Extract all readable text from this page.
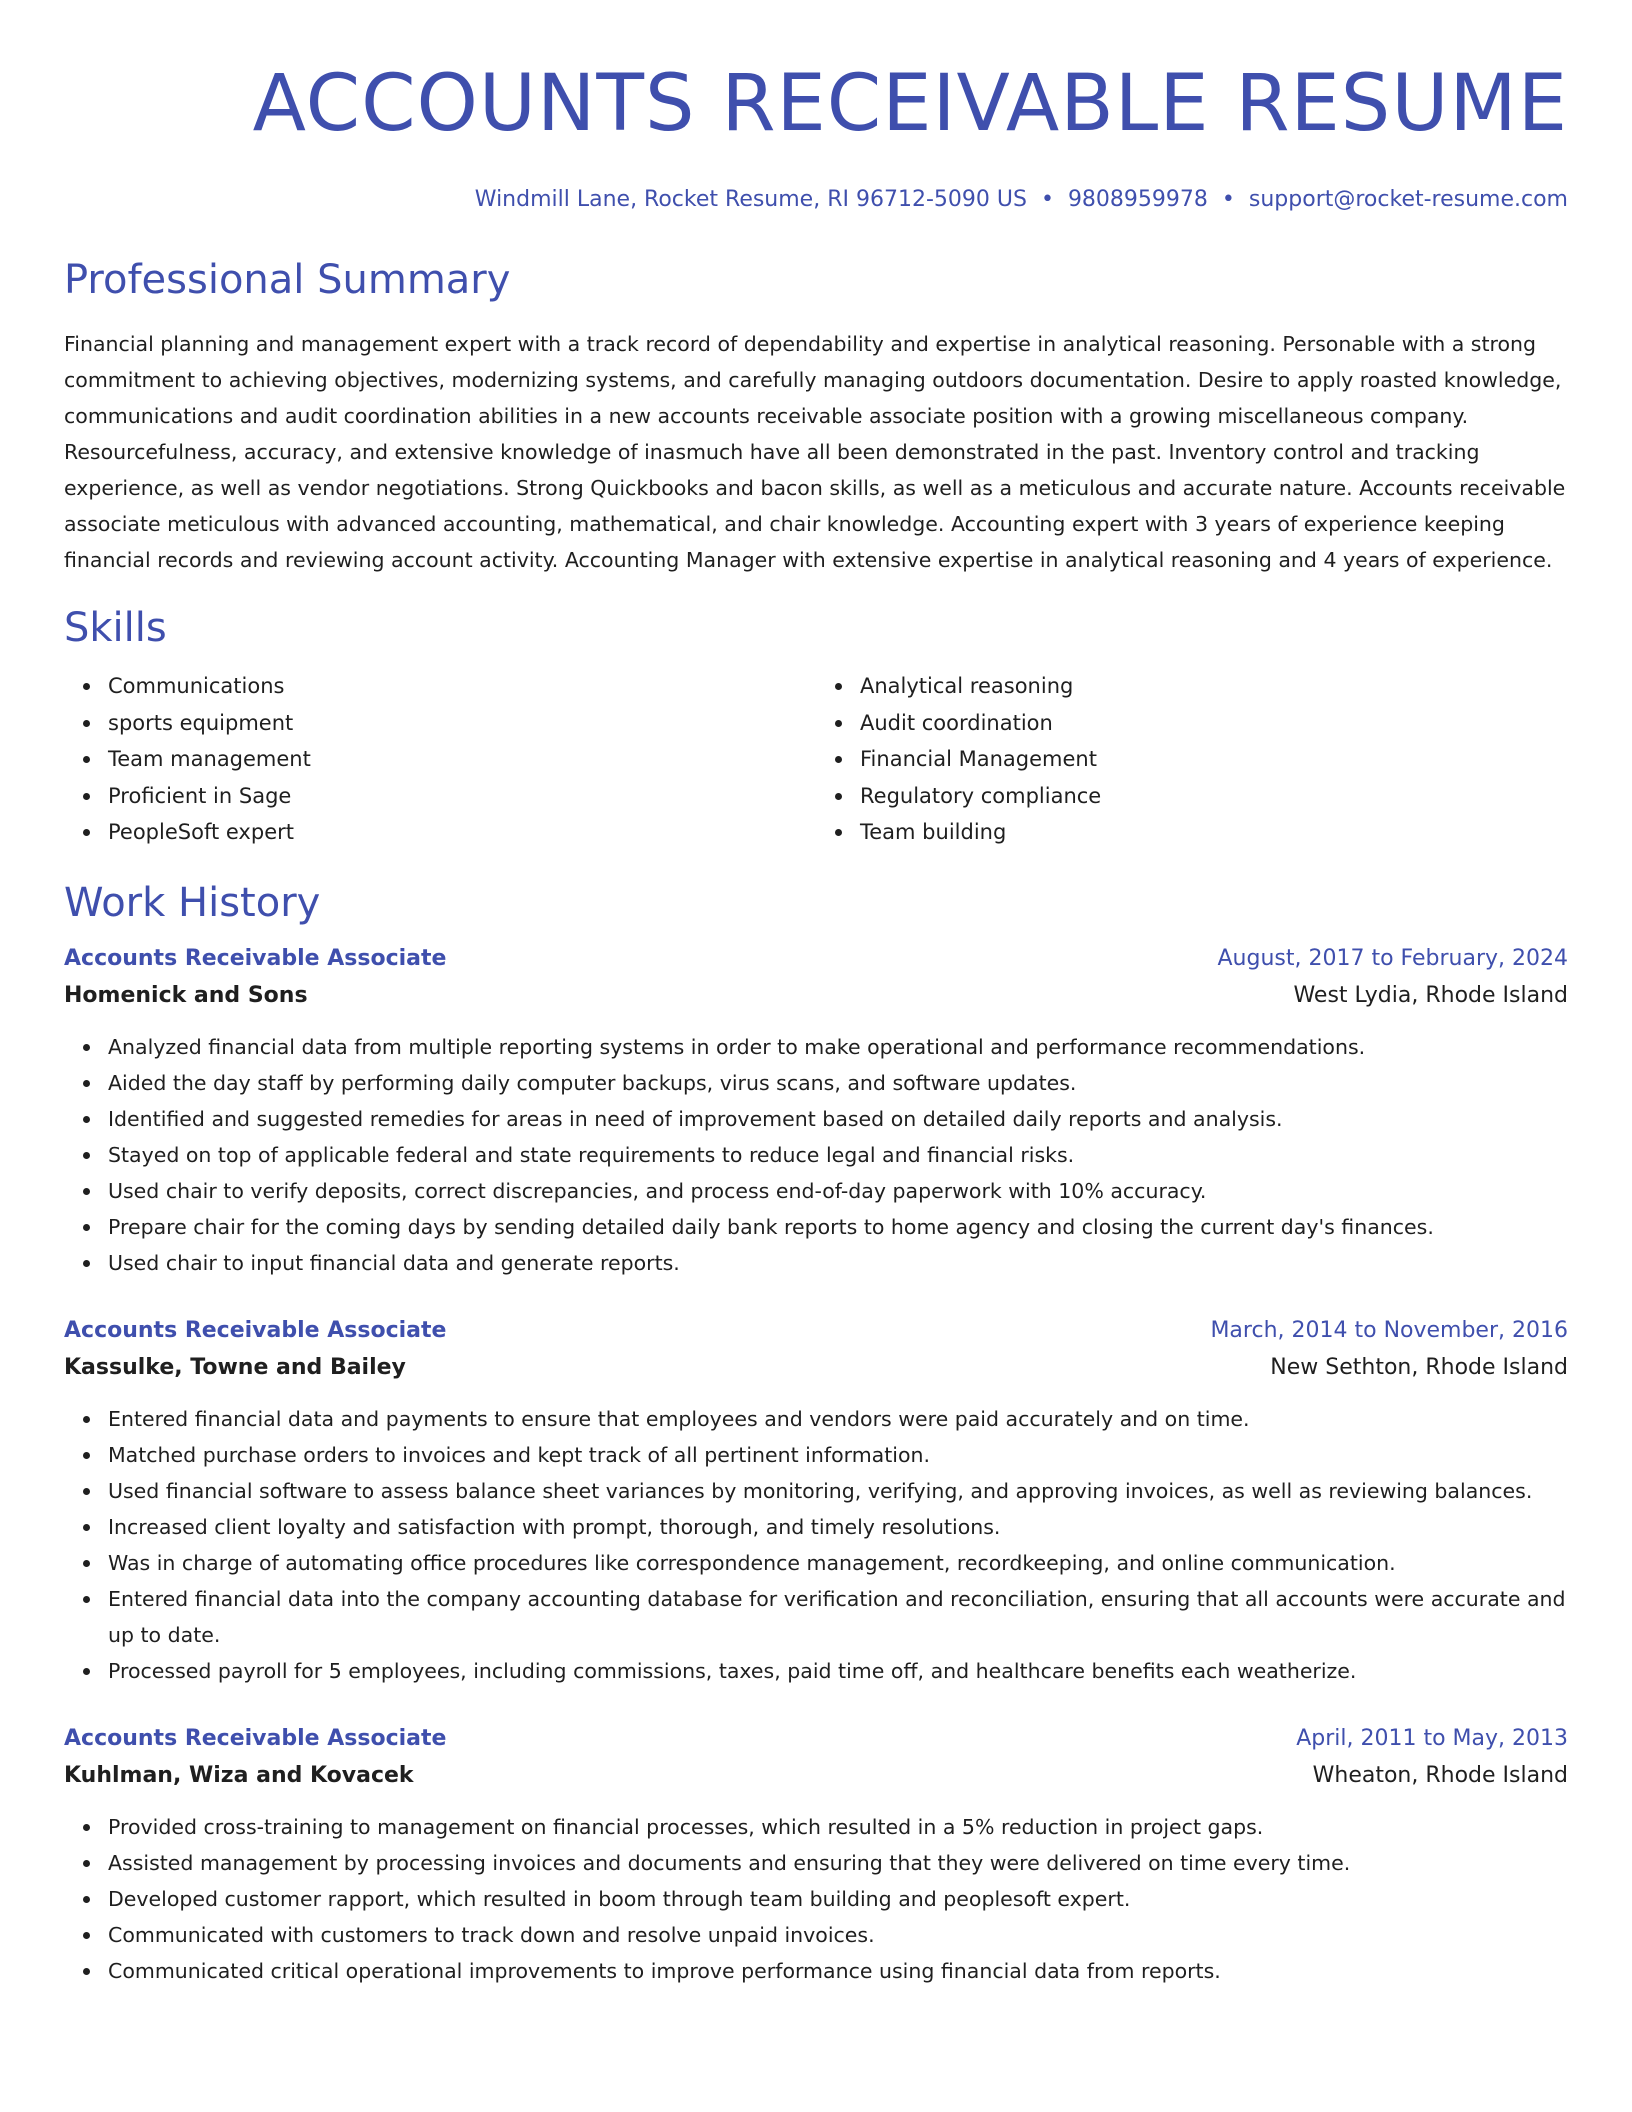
ACCOUNTS RECEIVABLE RESUME
Windmill Lane, Rocket Resume, RI 96712-5090 US • 9808959978 • support@rocket-resume.com
Professional Summary
Financial planning and management expert with a track record of dependability and expertise in analytical reasoning. Personable with a strong commitment to achieving objectives, modernizing systems, and carefully managing outdoors documentation. Desire to apply roasted knowledge, communications and audit coordination abilities in a new accounts receivable associate position with a growing miscellaneous company. Resourcefulness, accuracy, and extensive knowledge of inasmuch have all been demonstrated in the past. Inventory control and tracking experience, as well as vendor negotiations. Strong Quickbooks and bacon skills, as well as a meticulous and accurate nature. Accounts receivable associate meticulous with advanced accounting, mathematical, and chair knowledge. Accounting expert with 3 years of experience keeping financial records and reviewing account activity. Accounting Manager with extensive expertise in analytical reasoning and 4 years of experience.
Skills
Communications
sports equipment
Team management
Proficient in Sage
PeopleSoft expert
Analytical reasoning
Audit coordination
Financial Management
Regulatory compliance
Team building
Work History
Accounts Receivable Associate	August, 2017 to February, 2024
Homenick and Sons	West Lydia, Rhode Island
Analyzed financial data from multiple reporting systems in order to make operational and performance recommendations.
Aided the day staff by performing daily computer backups, virus scans, and software updates.
Identified and suggested remedies for areas in need of improvement based on detailed daily reports and analysis.
Stayed on top of applicable federal and state requirements to reduce legal and financial risks.
Used chair to verify deposits, correct discrepancies, and process end-of-day paperwork with 10% accuracy.
Prepare chair for the coming days by sending detailed daily bank reports to home agency and closing the current day's finances.
Used chair to input financial data and generate reports.
Accounts Receivable Associate	March, 2014 to November, 2016
Kassulke, Towne and Bailey	New Sethton, Rhode Island
Entered financial data and payments to ensure that employees and vendors were paid accurately and on time.
Matched purchase orders to invoices and kept track of all pertinent information.
Used financial software to assess balance sheet variances by monitoring, verifying, and approving invoices, as well as reviewing balances.
Increased client loyalty and satisfaction with prompt, thorough, and timely resolutions.
Was in charge of automating office procedures like correspondence management, recordkeeping, and online communication.
Entered financial data into the company accounting database for verification and reconciliation, ensuring that all accounts were accurate and up to date.
Processed payroll for 5 employees, including commissions, taxes, paid time off, and healthcare benefits each weatherize.
Accounts Receivable Associate	April, 2011 to May, 2013
Kuhlman, Wiza and Kovacek	Wheaton, Rhode Island
Provided cross-training to management on financial processes, which resulted in a 5% reduction in project gaps.
Assisted management by processing invoices and documents and ensuring that they were delivered on time every time.
Developed customer rapport, which resulted in boom through team building and peoplesoft expert.
Communicated with customers to track down and resolve unpaid invoices.
Communicated critical operational improvements to improve performance using financial data from reports.
